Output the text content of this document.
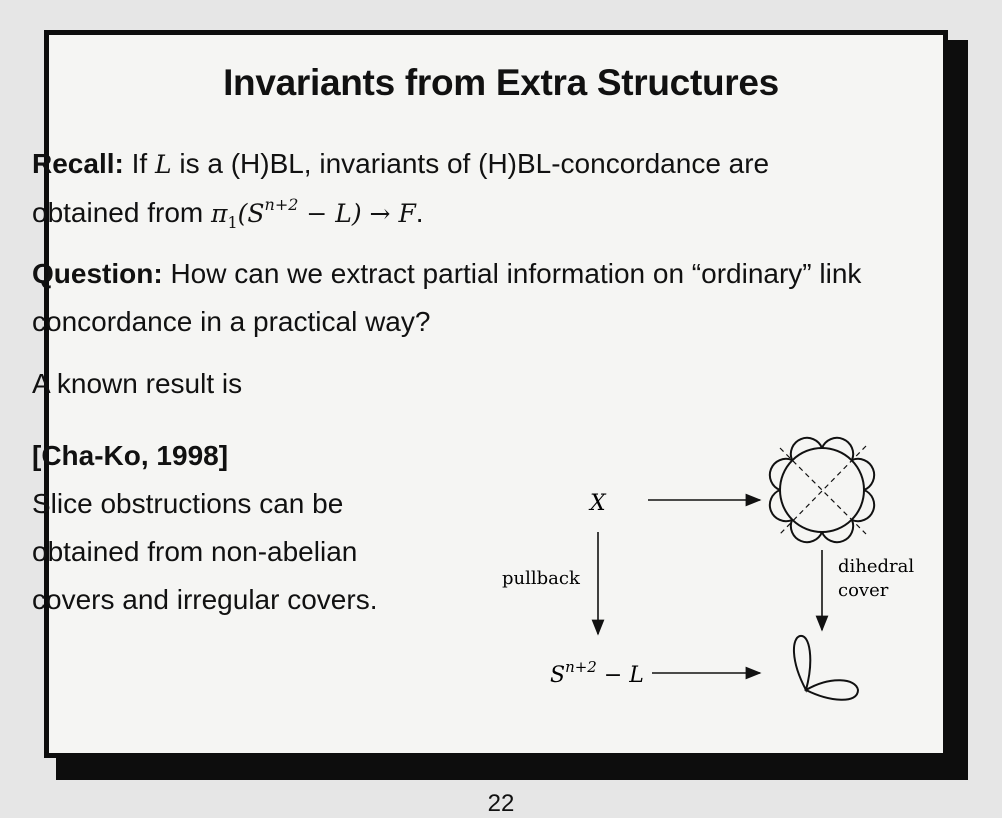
Invariants from Extra Structures
Recall: If L is a (H)BL, invariants of (H)BL-concordance are obtained from $\pi_1(S^{n+2} - L) \to F$.
Question: How can we extract partial information on “ordinary” link concordance in a practical way?
A known result is
[Cha-Ko, 1998]
Slice obstructions can be
obtained from non-abelian
covers and irregular covers.
X
pullback
dihedral
cover
$S^{n+2} - L$
22
